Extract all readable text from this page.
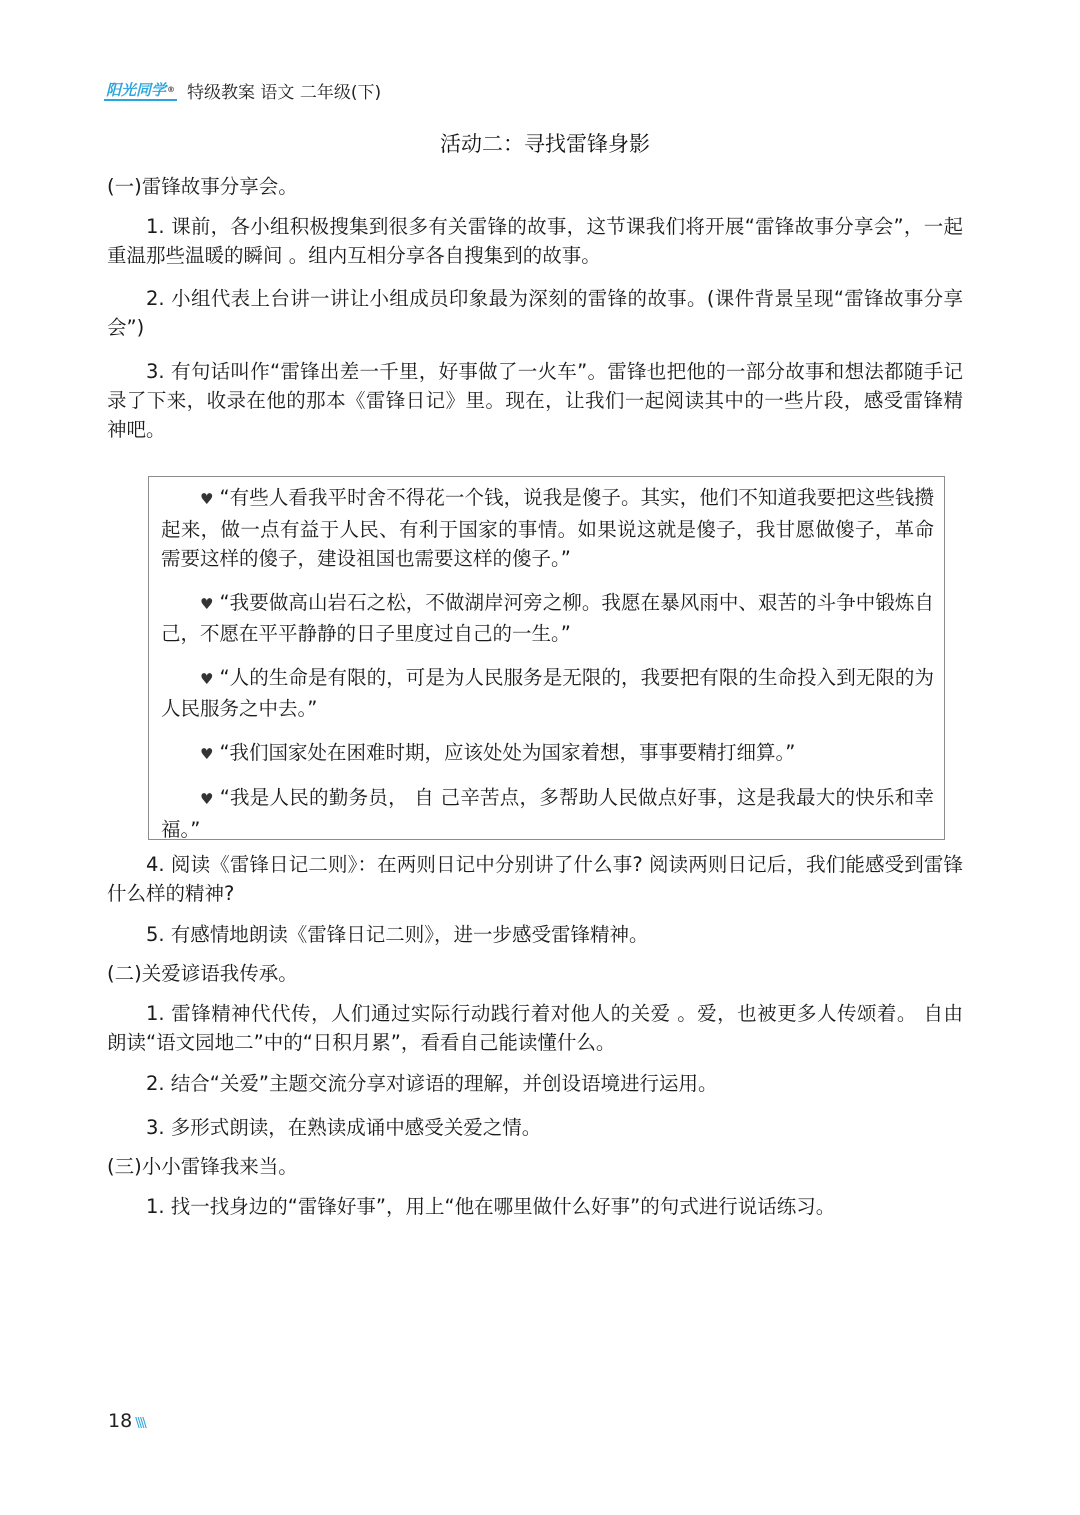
阳光同学® 特级教案 语文 二年级(下)
活动二：寻找雷锋身影
(一)雷锋故事分享会。
1. 课前，各小组积极搜集到很多有关雷锋的故事，这节课我们将开展“雷锋故事分享会”，一起重温那些温暖的瞬间 。组内互相分享各自搜集到的故事。
2. 小组代表上台讲一讲让小组成员印象最为深刻的雷锋的故事。(课件背景呈现“雷锋故事分享会”)
3. 有句话叫作“雷锋出差一千里，好事做了一火车”。雷锋也把他的一部分故事和想法都随手记录了下来，收录在他的那本《雷锋日记》里。现在，让我们一起阅读其中的一些片段，感受雷锋精神吧。
♥ “有些人看我平时舍不得花一个钱，说我是傻子。其实，他们不知道我要把这些钱攒起来，做一点有益于人民、有利于国家的事情。如果说这就是傻子，我甘愿做傻子，革命需要这样的傻子，建设祖国也需要这样的傻子。”
♥ “我要做高山岩石之松，不做湖岸河旁之柳。我愿在暴风雨中、艰苦的斗争中锻炼自己，不愿在平平静静的日子里度过自己的一生。”
♥ “人的生命是有限的，可是为人民服务是无限的，我要把有限的生命投入到无限的为人民服务之中去。”
♥ “我们国家处在困难时期，应该处处为国家着想，事事要精打细算。”
♥ “我是人民的勤务员， 自 己辛苦点，多帮助人民做点好事，这是我最大的快乐和幸福。”
4. 阅读《雷锋日记二则》：在两则日记中分别讲了什么事? 阅读两则日记后，我们能感受到雷锋什么样的精神?
5. 有感情地朗读《雷锋日记二则》，进一步感受雷锋精神。
(二)关爱谚语我传承。
1. 雷锋精神代代传，人们通过实际行动践行着对他人的关爱 。爱，也被更多人传颂着。 自由朗读“语文园地二”中的“日积月累”，看看自己能读懂什么。
2. 结合“关爱”主题交流分享对谚语的理解，并创设语境进行运用。
3. 多形式朗读，在熟读成诵中感受关爱之情。
(三)小小雷锋我来当。
1. 找一找身边的“雷锋好事”，用上“他在哪里做什么好事”的句式进行说话练习。
18 \\\\
